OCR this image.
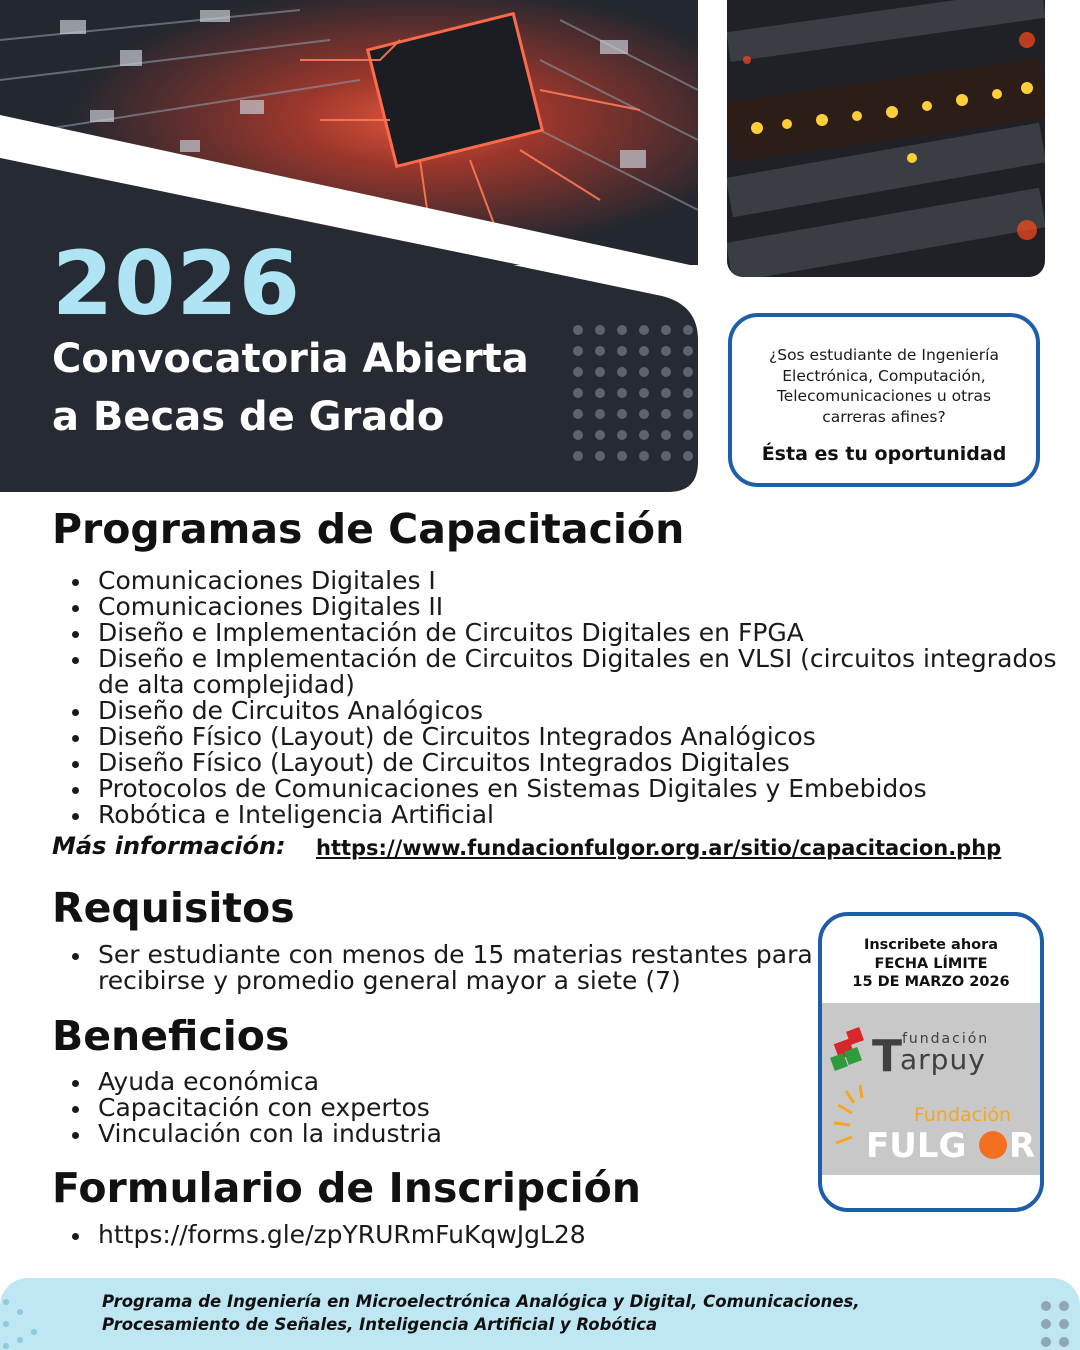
2026
Convocatoria Abierta
a Becas de Grado
¿Sos estudiante de Ingeniería Electrónica, Computación, Telecomunicaciones u otras carreras afines?
Ésta es tu oportunidad
Programas de Capacitación
Comunicaciones Digitales I
Comunicaciones Digitales II
Diseño e Implementación de Circuitos Digitales en FPGA
Diseño e Implementación de Circuitos Digitales en VLSI (circuitos integrados de alta complejidad)
Diseño de Circuitos Analógicos
Diseño Físico (Layout) de Circuitos Integrados Analógicos
Diseño Físico (Layout) de Circuitos Integrados Digitales
Protocolos de Comunicaciones en Sistemas Digitales y Embebidos
Robótica e Inteligencia Artificial
Más información: https://www.fundacionfulgor.org.ar/sitio/capacitacion.php
Requisitos
Ser estudiante con menos de 15 materias restantes para recibirse y promedio general mayor a siete (7)
Beneficios
Ayuda económica
Capacitación con expertos
Vinculación con la industria
Formulario de Inscripción
https://forms.gle/zpYRURmFuKqwJgL28
Inscribete ahora
FECHA LÍMITE
15 DE MARZO 2026
T fundación
arpuy
Fundación
FULG R
Programa de Ingeniería en Microelectrónica Analógica y Digital, Comunicaciones,
Procesamiento de Señales, Inteligencia Artificial y Robótica
